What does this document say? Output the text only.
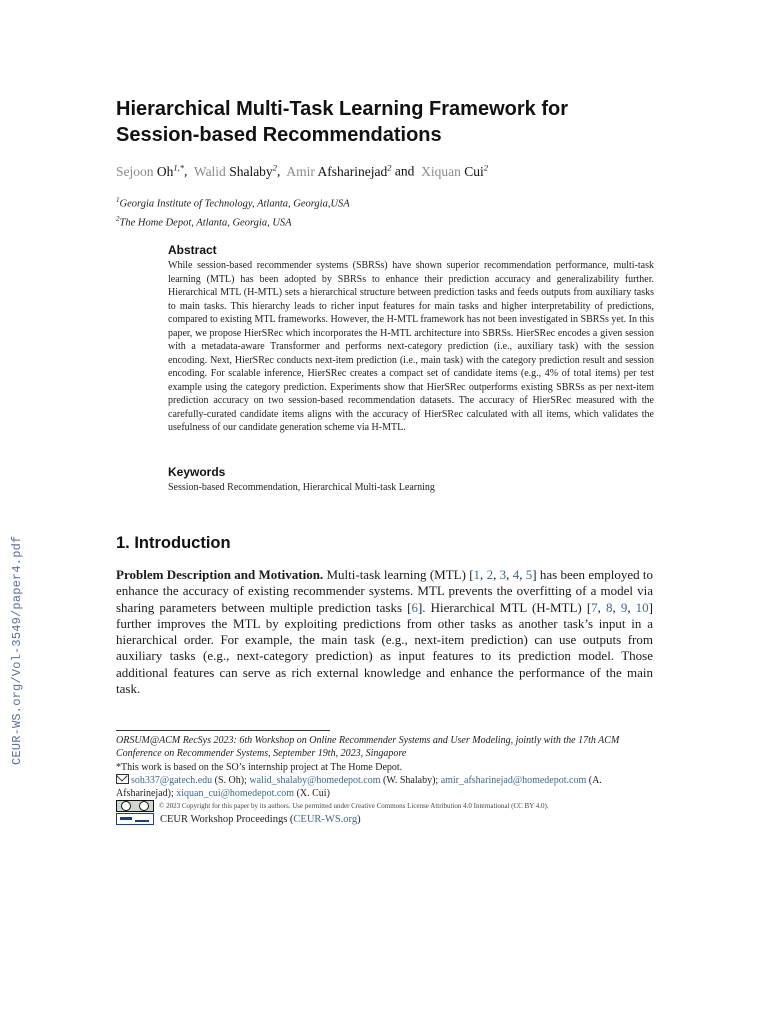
CEUR-WS.org/Vol-3549/paper4.pdf
Hierarchical Multi-Task Learning Framework for
Session-based Recommendations
Sejoon $Oh^{1,*}$, Walid Shalaby$^2$, Amir Afsharinejad$^2$ and Xiquan Cui$^2$
$^1$Georgia Institute of Technology, Atlanta, Georgia,USA
$^2$The Home Depot, Atlanta, Georgia, USA
Abstract

While session-based recommender systems (SBRSs) have shown superior recommendation performance, multi-task learning (MTL) has been adopted by SBRSs to enhance their prediction accuracy and generalizability further. Hierarchical MTL (H-MTL) sets a hierarchical structure between prediction tasks and feeds outputs from auxiliary tasks to main tasks. This hierarchy leads to richer input features for main tasks and higher interpretability of predictions, compared to existing MTL frameworks. However, the H-MTL framework has not been investigated in SBRSs yet. In this paper, we propose HierSRec which incorporates the H-MTL architecture into SBRSs. HierSRec encodes a given session with a metadata-aware Transformer and performs next-category prediction (i.e., auxiliary task) with the session encoding. Next, HierSRec conducts next-item prediction (i.e., main task) with the category prediction result and session encoding. For scalable inference, HierSRec creates a compact set of candidate items (e.g., 4% of total items) per test example using the category prediction. Experiments show that HierSRec outperforms existing SBRSs as per next-item prediction accuracy on two session-based recommendation datasets. The accuracy of HierSRec measured with the carefully-curated candidate items aligns with the accuracy of HierSRec calculated with all items, which validates the usefulness of our candidate generation scheme via H-MTL.

Keywords

Session-based Recommendation, Hierarchical Multi-task Learning

1. Introduction

Problem Description and Motivation. Multi-task learning (MTL) [1, 2, 3, 4, 5] has been employed to enhance the accuracy of existing recommender systems. MTL prevents the overfitting of a model via sharing parameters between multiple prediction tasks [6]. Hierarchical MTL (H-MTL) [7, 8, 9, 10] further improves the MTL by exploiting predictions from other tasks as another task’s input in a hierarchical order. For example, the main task (e.g., next-item prediction) can use outputs from auxiliary tasks (e.g., next-category prediction) as input features to its prediction model. Those additional features can serve as rich external knowledge and enhance the performance of the main task.

ORSUM@ACM RecSys 2023: 6th Workshop on Online Recommender Systems and User Modeling, jointly with the 17th ACM Conference on Recommender Systems, September 19th, 2023, Singapore

*This work is based on the SO’s internship project at The Home Depot.

soh337@gatech.edu (S. Oh); walid_shalaby@homedepot.com (W. Shalaby); amir_afsharinejad@homedepot.com (A. Afsharinejad); xiquan_cui@homedepot.com (X. Cui)

© 2023 Copyright for this paper by its authors. Use permitted under Creative Commons License Attribution 4.0 International (CC BY 4.0).
CEUR Workshop Proceedings (CEUR-WS.org)
